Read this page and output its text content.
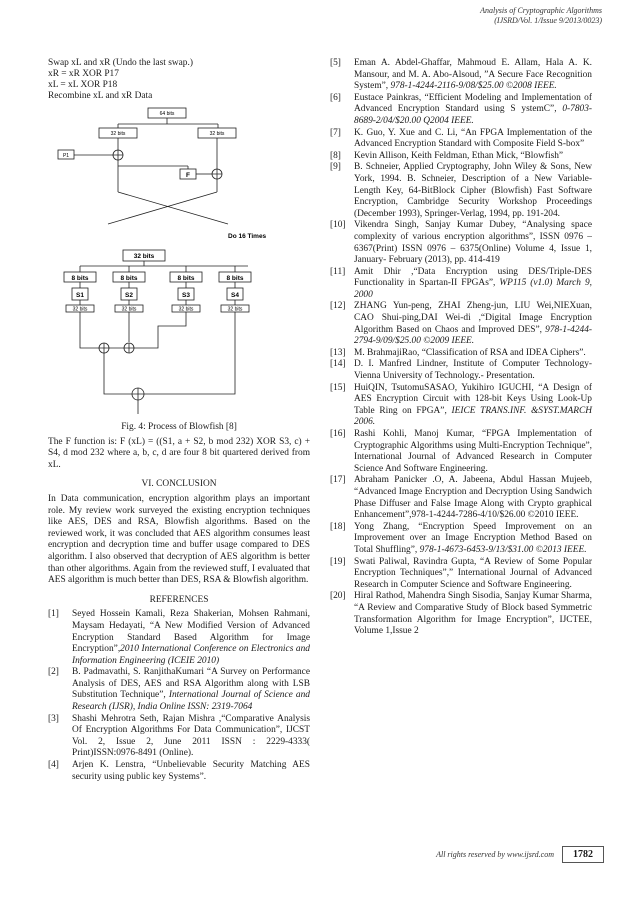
Analysis of Cryptographic Algorithms
(IJSRD/Vol. 1/Issue 9/2013/0023)

Swap xL and xR (Undo the last swap.)

xR = xR XOR P17

xL = xL XOR P18

Recombine xL and xR Data

64 bits
32 bits	32 bits
P1
F
Do 16 Times
32 bits
8 bits	8 bits	8 bits	8 bits
S1	S2	S3	S4
32 bits	32 bits	32 bits	32 bits

Fig. 4: Process of Blowfish [8]

The F function is: F (xL) = ((S1, a + S2, b mod 232) XOR S3, c) + S4, d mod 232 where a, b, c, d are four 8 bit quartered derived from xL.

VI. CONCLUSION

In Data communication, encryption algorithm plays an important role. My review work surveyed the existing encryption techniques like AES, DES and RSA, Blowfish algorithms. Based on the reviewed work, it was concluded that AES algorithm consumes least encryption and decryption time and buffer usage compared to DES algorithm. I also observed that decryption of AES algorithm is better than other algorithms. Again from the reviewed stuff, I evaluated that AES algorithm is much better than DES, RSA & Blowfish algorithm.

REFERENCES

[1]	Seyed Hossein Kamali, Reza Shakerian, Mohsen Rahmani, Maysam Hedayati, “A New Modified Version of Advanced Encryption Standard Based Algorithm for Image Encryption”,2010 International Conference on Electronics and Information Engineering (ICEIE 2010)

[2]	B. Padmavathi, S. RanjithaKumari “A Survey on Performance Analysis of DES, AES and RSA Algorithm along with LSB Substitution Technique”, International Journal of Science and Research (IJSR), India Online ISSN: 2319-7064

[3]	Shashi Mehrotra Seth, Rajan Mishra ,“Comparative Analysis Of Encryption Algorithms For Data Communication”, IJCST Vol. 2, Issue 2, June 2011 ISSN : 2229-4333( Print)ISSN:0976-8491 (Online).

[4]	Arjen K. Lenstra, “Unbelievable Security Matching AES security using public key Systems”.

[5]	Eman A. Abdel-Ghaffar, Mahmoud E. Allam, Hala A. K. Mansour, and M. A. Abo-Alsoud, ”A Secure Face Recognition System”, 978-1-4244-2116-9/08/$25.00 ©2008 IEEE.

[6]	Eustace Painkras, “Efficient Modeling and Implementation of Advanced Encryption Standard using S ystemC”, 0-7803-8689-2/04/$20.00 Q2004 IEEE.

[7]	K. Guo, Y. Xue and C. Li, “An FPGA Implementation of the Advanced Encryption Standard with Composite Field S-box”

[8]	Kevin Allison, Keith Feldman, Ethan Mick, “Blowfish”

[9]	B. Schneier, Applied Cryptography, John Wiley & Sons, New York, 1994. B. Schneier, Description of a New Variable-Length Key, 64-BitBlock Cipher (Blowfish) Fast Software Encryption, Cambridge Security Workshop Proceedings (December 1993), Springer-Verlag, 1994, pp. 191-204.

[10] Vikendra Singh, Sanjay Kumar Dubey, “Analysing space complexity of various encryption algorithms”, ISSN 0976 – 6367(Print) ISSN 0976 – 6375(Online) Volume 4, Issue 1, January- February (2013), pp. 414-419

[11] Amit Dhir ,“Data Encryption using DES/Triple-DES Functionality in Spartan-II FPGAs”, WP115 (v1.0) March 9, 2000

[12] ZHANG Yun-peng, ZHAI Zheng-jun, LIU Wei,NIEXuan, CAO Shui-ping,DAI Wei-di ,“Digital Image Encryption Algorithm Based on Chaos and Improved DES”, 978-1-4244-2794-9/09/$25.00 ©2009 IEEE.

[13] M. BrahmajiRao, “Classification of RSA and IDEA Ciphers”.

[14] D. I. Manfred Lindner, Institute of Computer Technology-Vienna University of Technology.- Presentation.

[15] HuiQIN, TsutomuSASAO, Yukihiro IGUCHI, “A Design of AES Encryption Circuit with 128-bit Keys Using Look-Up Table Ring on FPGA”, IEICE TRANS.INF. &SYST.MARCH 2006.

[16] Rashi Kohli, Manoj Kumar, “FPGA Implementation of Cryptographic Algorithms using Multi-Encryption Technique”, International Journal of Advanced Research in Computer Science And Software Engineering.

[17] Abraham Panicker .O, A. Jabeena, Abdul Hassan Mujeeb, “Advanced Image Encryption and Decryption Using Sandwich Phase Diffuser and False Image Along with Crypto graphical Enhancement”,978-1-4244-7286-4/10/$26.00 ©2010 IEEE.

[18] Yong Zhang, “Encryption Speed Improvement on an Improvement over an Image Encryption Method Based on Total Shuffling”, 978-1-4673-6453-9/13/$31.00 ©2013 IEEE.

[19] Swati Paliwal, Ravindra Gupta, “A Review of Some Popular Encryption Techniques”,” International Journal of Advanced Research in Computer Science and Software Engineering.

[20] Hiral Rathod, Mahendra Singh Sisodia, Sanjay Kumar Sharma, “A Review and Comparative Study of Block based Symmetric Transformation Algorithm for Image Encryption”, IJCTEE, Volume 1,Issue 2

All rights reserved by www.ijsrd.com	1782
